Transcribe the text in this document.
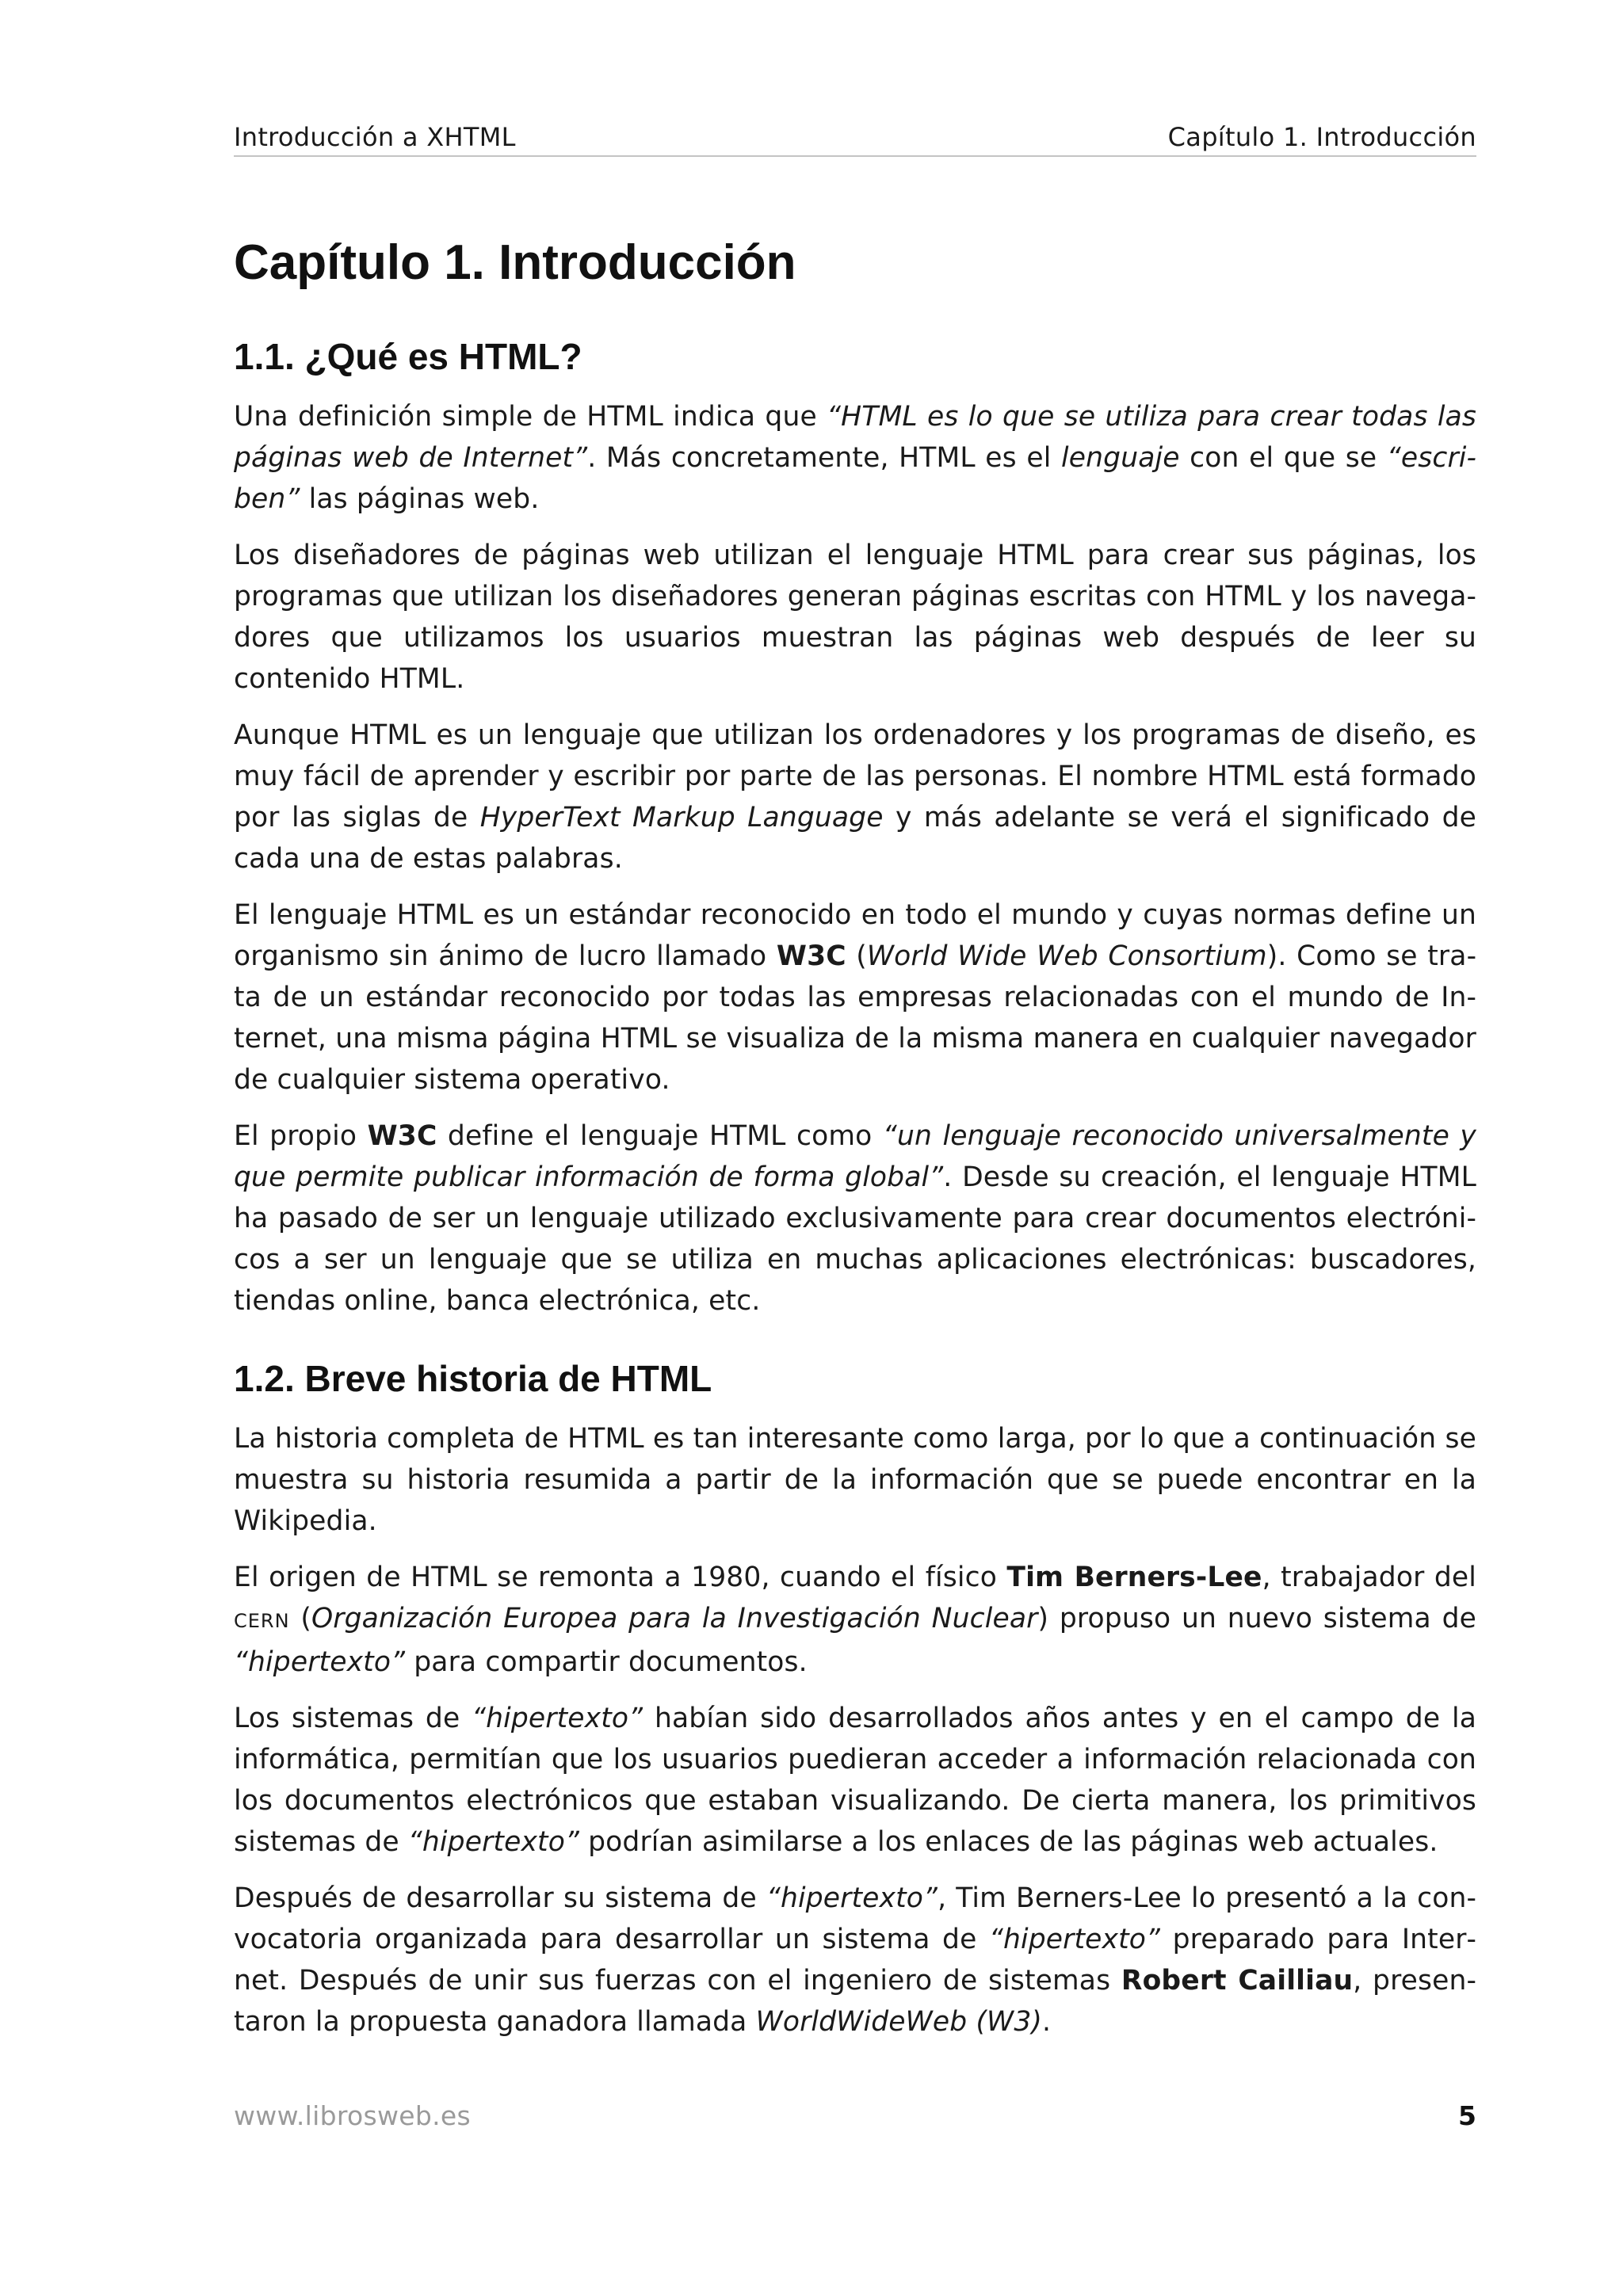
Introducción a XHTML	Capítulo 1. Introducción
Capítulo 1. Introducción
1.1. ¿Qué es HTML?

Una definición simple de HTML indica que “HTML es lo que se utiliza para crear todas las páginas web de Internet”. Más concretamente, HTML es el lenguaje con el que se “escriben” las páginas web.

Los diseñadores de páginas web utilizan el lenguaje HTML para crear sus páginas, los programas que utilizan los diseñadores generan páginas escritas con HTML y los navegadores que utilizamos los usuarios muestran las páginas web después de leer su contenido HTML.

Aunque HTML es un lenguaje que utilizan los ordenadores y los programas de diseño, es muy fácil de aprender y escribir por parte de las personas. El nombre HTML está formado por las siglas de HyperText Markup Language y más adelante se verá el significado de cada una de estas palabras.

El lenguaje HTML es un estándar reconocido en todo el mundo y cuyas normas define un organismo sin ánimo de lucro llamado W3C (World Wide Web Consortium). Como se trata de un estándar reconocido por todas las empresas relacionadas con el mundo de Internet, una misma página HTML se visualiza de la misma manera en cualquier navegador de cualquier sistema operativo.

El propio W3C define el lenguaje HTML como “un lenguaje reconocido universalmente y que permite publicar información de forma global”. Desde su creación, el lenguaje HTML ha pasado de ser un lenguaje utilizado exclusivamente para crear documentos electrónicos a ser un lenguaje que se utiliza en muchas aplicaciones electrónicas: buscadores, tiendas online, banca electrónica, etc.

1.2. Breve historia de HTML

La historia completa de HTML es tan interesante como larga, por lo que a continuación se muestra su historia resumida a partir de la información que se puede encontrar en la Wikipedia.

El origen de HTML se remonta a 1980, cuando el físico Tim Berners-Lee, trabajador del CERN (Organización Europea para la Investigación Nuclear) propuso un nuevo sistema de “hipertexto” para compartir documentos.

Los sistemas de “hipertexto” habían sido desarrollados años antes y en el campo de la informática, permitían que los usuarios puedieran acceder a información relacionada con los documentos electrónicos que estaban visualizando. De cierta manera, los primitivos sistemas de “hipertexto” podrían asimilarse a los enlaces de las páginas web actuales.

Después de desarrollar su sistema de “hipertexto”, Tim Berners-Lee lo presentó a la convocatoria organizada para desarrollar un sistema de “hipertexto” preparado para Internet. Después de unir sus fuerzas con el ingeniero de sistemas Robert Cailliau, presentaron la propuesta ganadora llamada WorldWideWeb (W3).

www.librosweb.es	5
